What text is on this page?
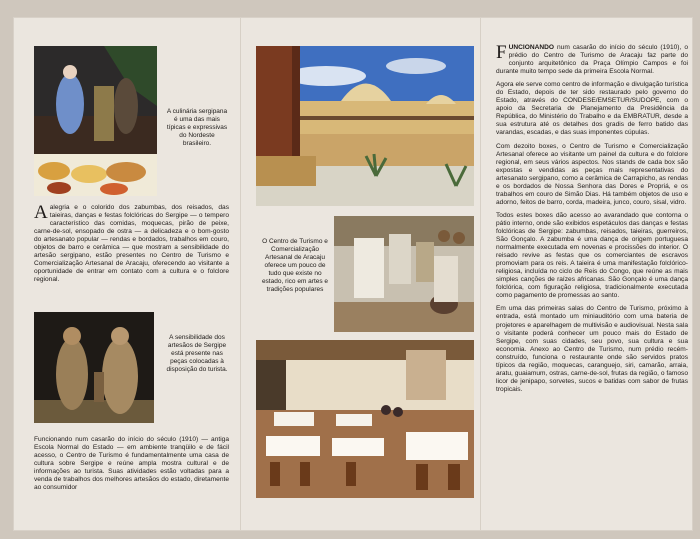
A culinária sergipana é uma das mais típicas e expressivas do Nordeste brasileiro.
Aalegria e o colorido dos zabumbas, dos reisados, das taieiras, danças e festas folclóricas do Sergipe — o tempero característico das comidas, moquecas, pirão de peixe, carne-de-sol, ensopado de ostra — a delicadeza e o bom-gosto do artesanato popular — rendas e bordados, trabalhos em couro, objetos de barro e cerâmica — que mostram a sensibilidade do artesão sergipano, estão presentes no Centro de Turismo e Comercialização Artesanal de Aracaju, oferecendo ao visitante a oportunidade de entrar em contato com a cultura e o folclore regional.
A sensibilidade dos artesãos de Sergipe está presente nas peças colocadas à disposição do turista.
Funcionando num casarão do início do século (1910) — antiga Escola Normal do Estado — em ambiente tranqüilo e de fácil acesso, o Centro de Turismo é fundamentalmente uma casa de cultura sobre Sergipe e reúne ampla mostra cultural e de informações ao turista. Suas atividades estão voltadas para a venda de trabalhos dos melhores artesãos do estado, diretamente ao consumidor
O Centro de Turismo e Comercialização Artesanal de Aracaju oferece um pouco de tudo que existe no estado, rico em artes e tradições populares

FUNCIONANDO num casarão do início do século (1910), o prédio do Centro de Turismo de Aracaju faz parte do conjunto arquitetônico da Praça Olímpio Campos e foi durante muito tempo sede da primeira Escola Normal.

Agora ele serve como centro de informação e divulgação turística do Estado, depois de ter sido restaurado pelo governo do Estado, através do CONDESE/EMSETUR/SUDOPE, com o apoio da Secretaria de Planejamento da Presidência da República, do Ministério do Trabalho e da EMBRATUR, desde a sua estrutura até os detalhes dos gradis de ferro batido das varandas, escadas, e das suas imponentes cúpulas.

Com dezoito boxes, o Centro de Turismo e Comercialização Artesanal oferece ao visitante um painel da cultura e do folclore regional, em seus vários aspectos. Nos stands de cada box são expostas e vendidas as peças mais representativas do artesanato sergipano, como a cerâmica de Carrapicho, as rendas e os bordados de Nossa Senhora das Dores e Propriá, e os trabalhos em couro de Simão Dias. Há também objetos de uso e adorno, feitos de barro, corda, madeira, junco, couro, sisal, vidro.

Todos estes boxes dão acesso ao avarandado que contorna o pátio interno, onde são exibidos espetáculos das danças e festas folclóricas de Sergipe: zabumbas, reisados, taieiras, guerreiros, São Gonçalo. A zabumba é uma dança de origem portuguesa normalmente executada em novenas e procissões do interior. O reisado revive as festas que os comerciantes de escravos promoviam para os reis. A taieira é uma manifestação folclórico-religiosa, incluída no ciclo de Reis do Congo, que reúne as mais simples canções de raízes africanas. São Gonçalo é uma dança folclórica, com figuração religiosa, tradicionalmente executada como pagamento de promessas ao santo.

Em uma das primeiras salas do Centro de Turismo, próximo à entrada, está montado um miniauditório com uma bateria de projetores e aparelhagem de multivisão e audiovisual. Nesta sala o visitante poderá conhecer um pouco mais do Estado de Sergipe, com suas cidades, seu povo, sua cultura e sua economia. Anexo ao Centro de Turismo, num prédio recém-construído, funciona o restaurante onde são servidos pratos típicos da região, moquecas, caranguejo, siri, camarão, arraia, aratu, guaiamum, ostras, carne-de-sol, frutas da região, o famoso licor de jenipapo, sorvetes, sucos e batidas com sabor de frutas tropicais.
